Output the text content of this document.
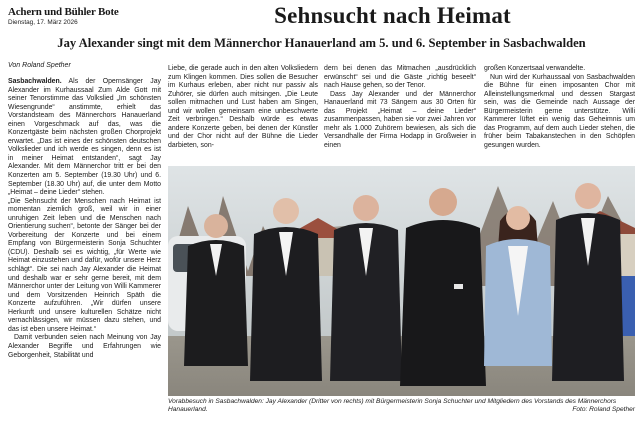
Achern und Bühler Bote
Dienstag, 17. März 2026	Sehnsucht nach Heimat
Jay Alexander singt mit dem Männerchor Hanauerland am 5. und 6. September in Sasbachwalden
Von Roland Spether

Sasbachwalden. Als der Opernsänger Jay Alexander im Kurhaussaal Zum Alde Gott mit seiner Tenorstimme das Volkslied „Im schönsten Wiesengrunde“ anstimmte, erhielt das Vorstandsteam des Männerchors Hanauerland einen Vorgeschmack auf das, was die Konzertgäste beim nächsten großen Chorprojekt erwartet. „Das ist eines der schönsten deutschen Volkslieder und ich werde es singen, denn es ist in meiner Heimat entstanden“, sagt Jay Alexander. Mit dem Männerchor tritt er bei den Konzerten am 5. September (19.30 Uhr) und 6. September (18.30 Uhr) auf, die unter dem Motto „Heimat – deine Lieder“ stehen.

„Die Sehnsucht der Menschen nach Heimat ist momentan ziemlich groß, weil wir in einer unruhigen Zeit leben und die Menschen nach Orientierung suchen“, betonte der Sänger bei der Vorbereitung der Konzerte und bei einem Empfang von Bürgermeisterin Sonja Schuchter (CDU). Deshalb sei es wichtig, „für Werte wie Heimat einzustehen und dafür, wofür unsere Herz schlägt“. Die sei nach Jay Alexander die Heimat und deshalb war er sehr gerne bereit, mit dem Männerchor unter der Leitung von Willi Kammerer und dem Vorsitzenden Heinrich Späth die Konzerte aufzuführen. „Wir dürfen unsere Herkunft und unsere kulturellen Schätze nicht vernachlässigen, wir müssen dazu stehen, und das ist eben unsere Heimat.“

Damit verbunden seien nach Meinung von Jay Alexander Begriffe und Erfahrungen wie Geborgenheit, Stabilität und

Liebe, die gerade auch in den alten Volksliedern zum Klingen kommen. Dies sollen die Besucher im Kurhaus erleben, aber nicht nur passiv als Zuhörer, sie dürfen auch mitsingen. „Die Leute sollen mitmachen und Lust haben am Singen, und wir wollen gemeinsam eine unbeschwerte Zeit verbringen.“ Deshalb würde es etwas andere Konzerte geben, bei denen der Künstler und der Chor nicht auf der Bühne die Lieder darbieten, son-

dern bei denen das Mitmachen „ausdrücklich erwünscht“ sei und die Gäste „richtig beseelt“ nach Hause gehen, so der Tenor.

Dass Jay Alexander und der Männerchor Hanauerland mit 73 Sängern aus 30 Orten für das Projekt „Heimat – deine Lieder“ zusammenpassen, haben sie vor zwei Jahren vor mehr als 1.000 Zuhörern bewiesen, als sich die Versandhalle der Firma Hodapp in Großweier in einen

großen Konzertsaal verwandelte.

Nun wird der Kurhaussaal von Sasbachwalden die Bühne für einen imposanten Chor mit Alleinstellungsmerkmal und dessen Stargast sein, was die Gemeinde nach Aussage der Bürgermeisterin gerne unterstütze. Willi Kammerer lüftet ein wenig das Geheimnis um das Programm, auf dem auch Lieder stehen, die früher beim Tabakanstechen in den Schöpfen gesungen wurden.

Vorabbesuch in Sasbachwalden: Jay Alexander (Dritter von rechts) mit Bürgermeisterin Sonja Schuchter und Mitgliedern des Vorstands des Männerchors Hanauerland.	Foto: Roland Spether
